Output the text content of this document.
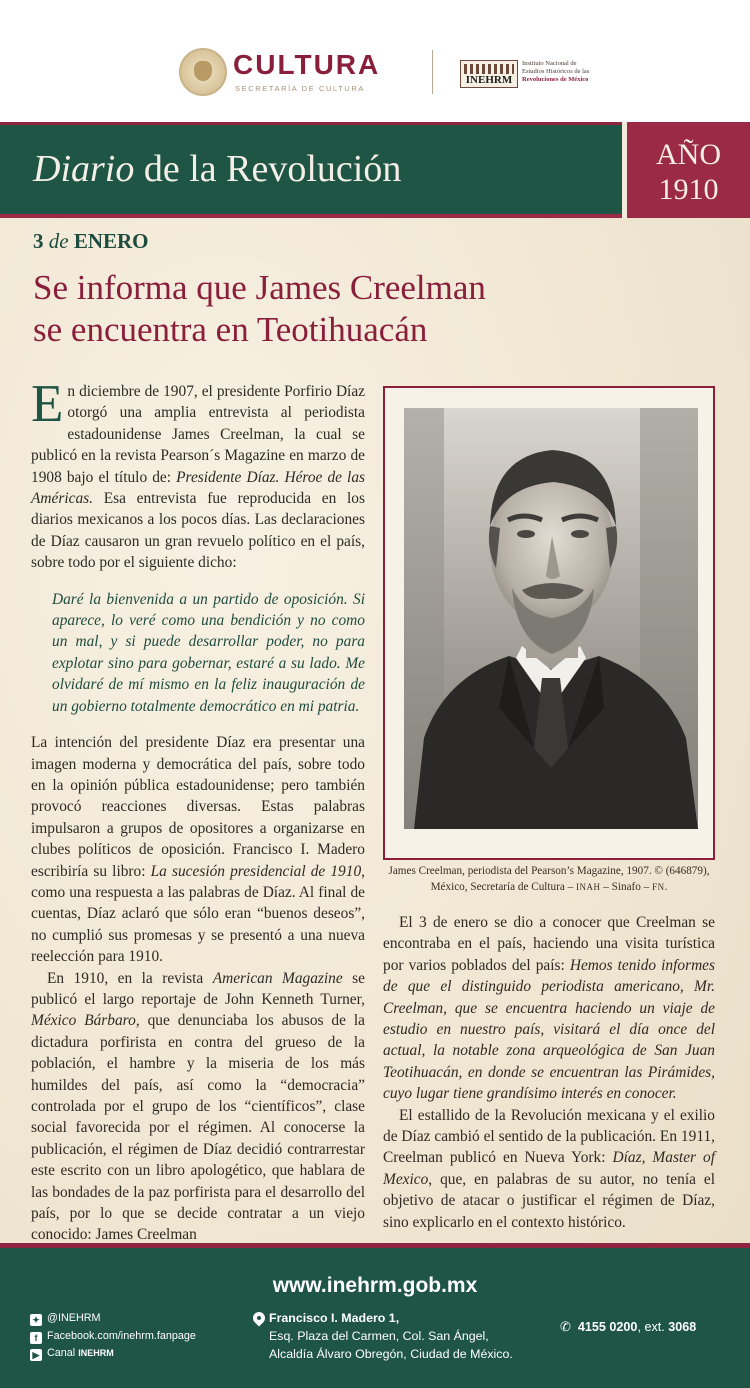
CULTURA
SECRETARÍA DE CULTURA
INEHRM
Instituto Nacional de
Estudios Históricos de las
Revoluciones de México
Diario de la Revolución	AÑO
1910
3 de ENERO
Se informa que James Creelman
se encuentra en Teotihuacán

En diciembre de 1907, el presidente Porfirio Díaz otorgó una amplia entrevista al periodista estadounidense James Creelman, la cual se publicó en la revista Pearson´s Magazine en marzo de 1908 bajo el título de: Presidente Díaz. Héroe de las Américas. Esa entrevista fue reproducida en los diarios mexicanos a los pocos días. Las declaraciones de Díaz causaron un gran revuelo político en el país, sobre todo por el siguiente dicho:

Daré la bienvenida a un partido de oposición. Si aparece, lo veré como una bendición y no como un mal, y si puede desarrollar poder, no para explotar sino para gobernar, estaré a su lado. Me olvidaré de mí mismo en la feliz inauguración de un gobierno totalmente democrático en mi patria.

La intención del presidente Díaz era presentar una imagen moderna y democrática del país, sobre todo en la opinión pública estadounidense; pero también provocó reacciones diversas. Estas palabras impulsaron a grupos de opositores a organizarse en clubes políticos de oposición. Francisco I. Madero escribiría su libro: La sucesión presidencial de 1910, como una respuesta a las palabras de Díaz. Al final de cuentas, Díaz aclaró que sólo eran “buenos deseos”, no cumplió sus promesas y se presentó a una nueva reelección para 1910.

En 1910, en la revista American Magazine se publicó el largo reportaje de John Kenneth Turner, México Bárbaro, que denunciaba los abusos de la dictadura porfirista en contra del grueso de la población, el hambre y la miseria de los más humildes del país, así como la “democracia” controlada por el grupo de los “científicos”, clase social favorecida por el régimen. Al conocerse la publicación, el régimen de Díaz decidió contrarrestar este escrito con un libro apologético, que hablara de las bondades de la paz porfirista para el desarrollo del país, por lo que se decide contratar a un viejo conocido: James Creelman

James Creelman, periodista del Pearson’s Magazine, 1907. © (646879), México, Secretaría de Cultura – INAH – Sinafo – FN.

El 3 de enero se dio a conocer que Creelman se encontraba en el país, haciendo una visita turística por varios poblados del país: Hemos tenido informes de que el distinguido periodista americano, Mr. Creelman, que se encuentra haciendo un viaje de estudio en nuestro país, visitará el día once del actual, la notable zona arqueológica de San Juan Teotihuacán, en donde se encuentran las Pirámides, cuyo lugar tiene grandísimo interés en conocer.

El estallido de la Revolución mexicana y el exilio de Díaz cambió el sentido de la publicación. En 1911, Creelman publicó en Nueva York: Díaz, Master of Mexico, que, en palabras de su autor, no tenía el objetivo de atacar o justificar el régimen de Díaz, sino explicarlo en el contexto histórico.

www.inehrm.gob.mx
✦ @INEHRM
f Facebook.com/inehrm.fanpage
▶ Canal INEHRM
Francisco I. Madero 1,
Esq. Plaza del Carmen, Col. San Ángel,
Alcaldía Álvaro Obregón, Ciudad de México.
✆ 4155 0200, ext. 3068
